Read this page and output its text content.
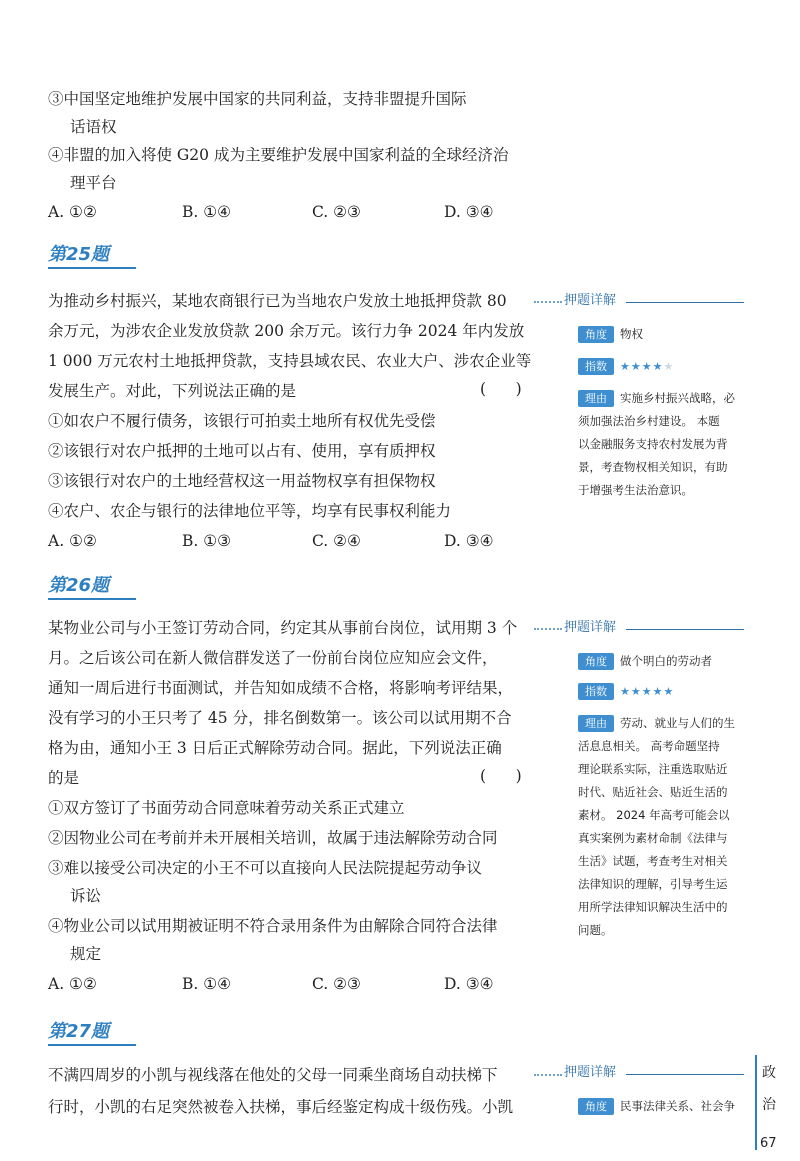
③中国坚定地维护发展中国家的共同利益，支持非盟提升国际
话语权
④非盟的加入将使 G20 成为主要维护发展中国家利益的全球经济治
理平台
A. ①②	B. ①④	C. ②③	D. ③④
第25题
为推动乡村振兴，某地农商银行已为当地农户发放土地抵押贷款 80
余万元，为涉农企业发放贷款 200 余万元。该行力争 2024 年内发放
1 000 万元农村土地抵押贷款，支持县域农民、农业大户、涉农企业等
发展生产。对此，下列说法正确的是	(      )
①如农户不履行债务，该银行可拍卖土地所有权优先受偿
②该银行对农户抵押的土地可以占有、使用，享有质押权
③该银行对农户的土地经营权这一用益物权享有担保物权
④农户、农企与银行的法律地位平等，均享有民事权利能力
A. ①②	B. ①③	C. ②④	D. ③④
押题详解
角度	物权
指数	★★★★★
理由	实施乡村振兴战略，必
须加强法治乡村建设。 本题
以金融服务支持农村发展为背
景，考查物权相关知识，有助
于增强考生法治意识。
第26题
某物业公司与小王签订劳动合同，约定其从事前台岗位，试用期 3 个
月。之后该公司在新人微信群发送了一份前台岗位应知应会文件，
通知一周后进行书面测试，并告知如成绩不合格，将影响考评结果，
没有学习的小王只考了 45 分，排名倒数第一。该公司以试用期不合
格为由，通知小王 3 日后正式解除劳动合同。据此，下列说法正确
的是	(      )
①双方签订了书面劳动合同意味着劳动关系正式建立
②因物业公司在考前并未开展相关培训，故属于违法解除劳动合同
③难以接受公司决定的小王不可以直接向人民法院提起劳动争议
诉讼
④物业公司以试用期被证明不符合录用条件为由解除合同符合法律
规定
A. ①②	B. ①④	C. ②③	D. ③④
押题详解
角度	做个明白的劳动者
指数	★★★★★
理由	劳动、就业与人们的生
活息息相关。 高考命题坚持
理论联系实际，注重选取贴近
时代、贴近社会、贴近生活的
素材。 2024 年高考可能会以
真实案例为素材命制《法律与
生活》试题，考查考生对相关
法律知识的理解，引导考生运
用所学法律知识解决生活中的
问题。
第27题
不满四周岁的小凯与视线落在他处的父母一同乘坐商场自动扶梯下
行时，小凯的右足突然被卷入扶梯，事后经鉴定构成十级伤残。小凯
押题详解
角度	民事法律关系、社会争
政
治
67
